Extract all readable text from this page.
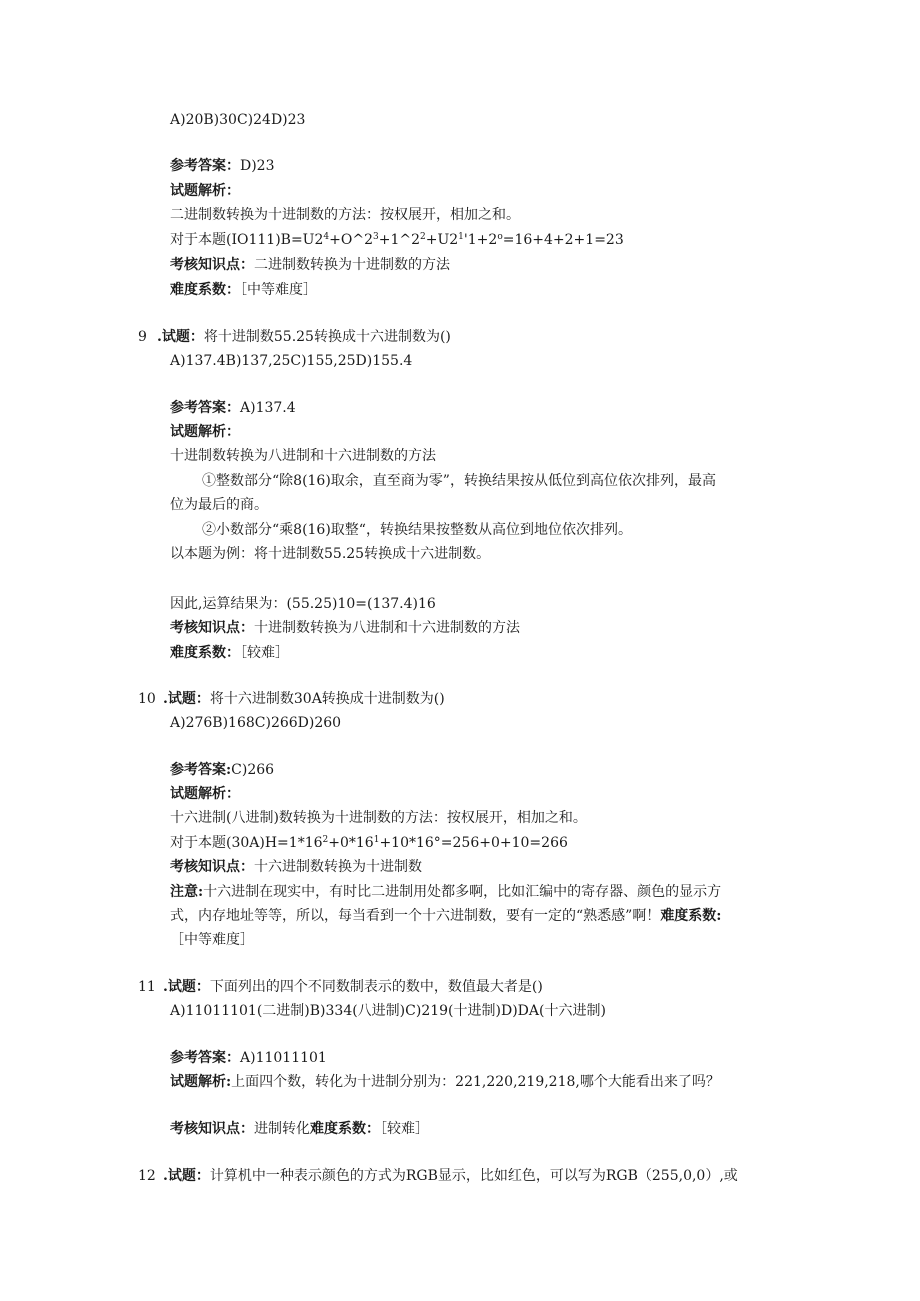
A)20B)30C)24D)23
参考答案：D)23
试题解析：
二进制数转换为十进制数的方法：按权展开，相加之和。
对于本题$(IO111)B=U2^4+O\^{}2^3+1\^{}2^2+U2^1'1+2^o=16+4+2+1=23$
考核知识点：二进制数转换为十进制数的方法
难度系数：［中等难度］
9 .试题：将十进制数55.25转换成十六进制数为()
A)137.4B)137,25C)155,25D)155.4
参考答案：A)137.4
试题解析：
十进制数转换为八进制和十六进制数的方法
①整数部分“除8(16)取余，直至商为零”，转换结果按从低位到高位依次排列，最高
位为最后的商。
②小数部分“乘8(16)取整“，转换结果按整数从高位到地位依次排列。
以本题为例：将十进制数55.25转换成十六进制数。
因此,运算结果为：(55.25)10=(137.4)16
考核知识点：十进制数转换为八进制和十六进制数的方法
难度系数：［较难］
10 .试题：将十六进制数30A转换成十进制数为()
A)276B)168C)266D)260
参考答案:C)266
试题解析：
十六进制(八进制)数转换为十进制数的方法：按权展开，相加之和。
对于本题$(30A)H=1*16^2+0*16^1+10*16^\circ=256+0+10=266$
考核知识点：十六进制数转换为十进制数
注意:十六进制在现实中，有时比二进制用处都多啊，比如汇编中的寄存器、颜色的显示方
式，内存地址等等，所以，每当看到一个十六进制数，要有一定的“熟悉感”啊！难度系数:
［中等难度］
11 .试题：下面列出的四个不同数制表示的数中，数值最大者是()
A)11011101(二进制)B)334(八进制)C)219(十进制)D)DA(十六进制)
参考答案：A)11011101
试题解析:上面四个数，转化为十进制分别为：221,220,219,218,哪个大能看出来了吗？
考核知识点：进制转化难度系数：［较难］
12 .试题：计算机中一种表示颜色的方式为RGB显示，比如红色，可以写为RGB（255,0,0）,或
